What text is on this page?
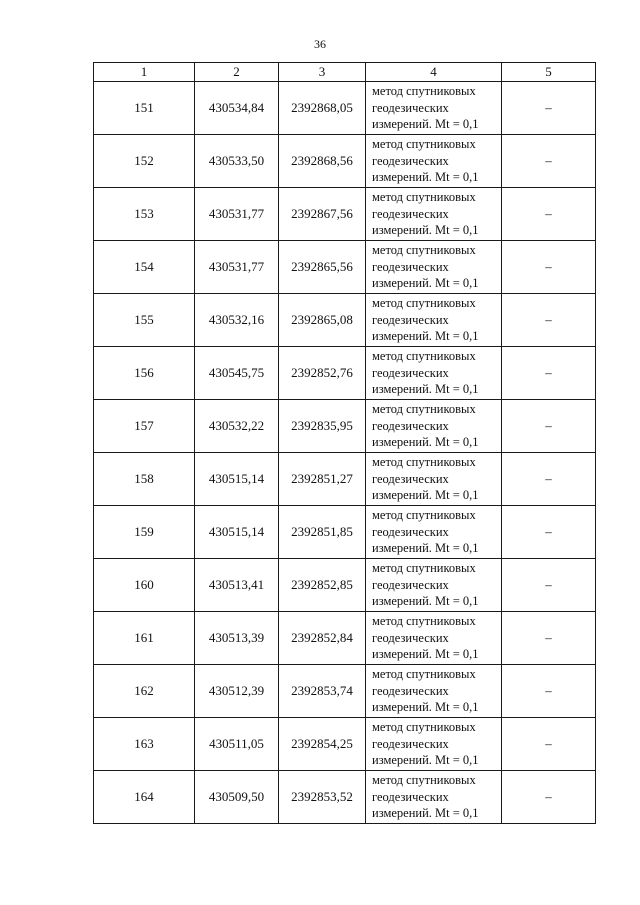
36
1	2	3	4	5
151	430534,84	2392868,05	метод спутниковых
геодезических
измерений. Mt = 0,1	–
152	430533,50	2392868,56	метод спутниковых
геодезических
измерений. Mt = 0,1	–
153	430531,77	2392867,56	метод спутниковых
геодезических
измерений. Mt = 0,1	–
154	430531,77	2392865,56	метод спутниковых
геодезических
измерений. Mt = 0,1	–
155	430532,16	2392865,08	метод спутниковых
геодезических
измерений. Mt = 0,1	–
156	430545,75	2392852,76	метод спутниковых
геодезических
измерений. Mt = 0,1	–
157	430532,22	2392835,95	метод спутниковых
геодезических
измерений. Mt = 0,1	–
158	430515,14	2392851,27	метод спутниковых
геодезических
измерений. Mt = 0,1	–
159	430515,14	2392851,85	метод спутниковых
геодезических
измерений. Mt = 0,1	–
160	430513,41	2392852,85	метод спутниковых
геодезических
измерений. Mt = 0,1	–
161	430513,39	2392852,84	метод спутниковых
геодезических
измерений. Mt = 0,1	–
162	430512,39	2392853,74	метод спутниковых
геодезических
измерений. Mt = 0,1	–
163	430511,05	2392854,25	метод спутниковых
геодезических
измерений. Mt = 0,1	–
164	430509,50	2392853,52	метод спутниковых
геодезических
измерений. Mt = 0,1	–
